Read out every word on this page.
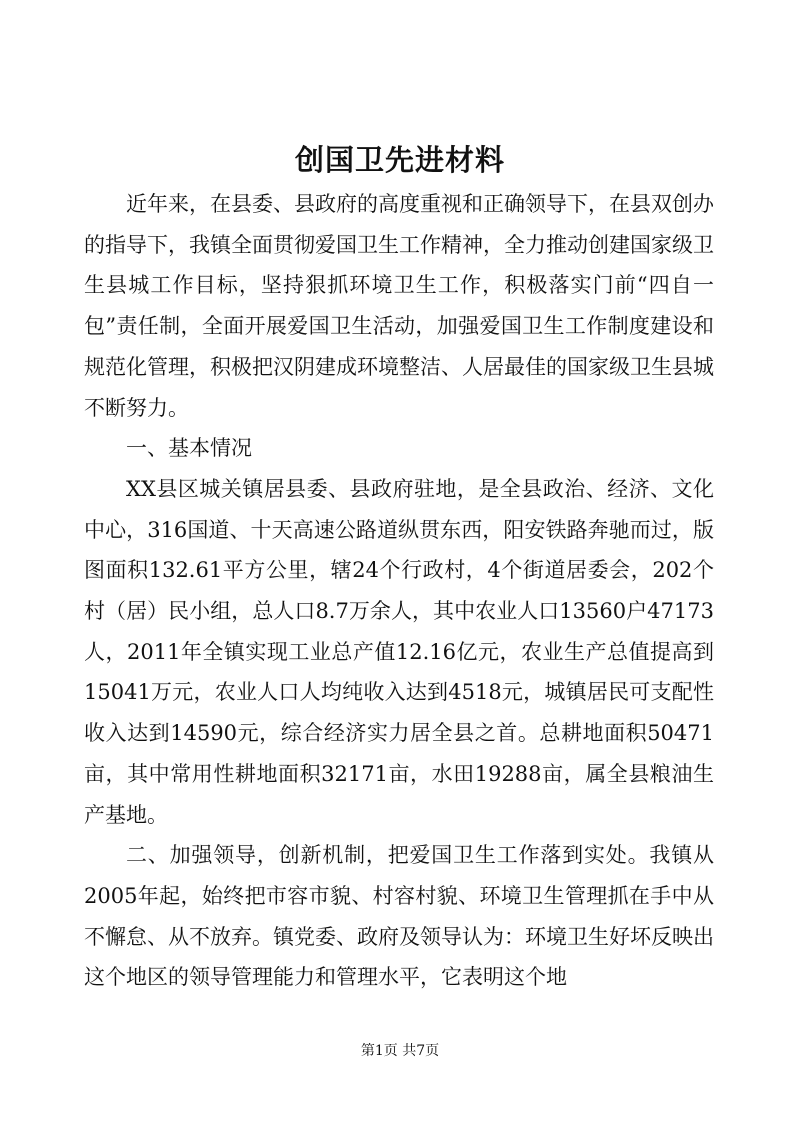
创国卫先进材料

近年来，在县委、县政府的高度重视和正确领导下，在县双创办的指导下，我镇全面贯彻爱国卫生工作精神，全力推动创建国家级卫生县城工作目标，坚持狠抓环境卫生工作，积极落实门前“四自一包”责任制，全面开展爱国卫生活动，加强爱国卫生工作制度建设和规范化管理，积极把汉阴建成环境整洁、人居最佳的国家级卫生县城不断努力。

一、基本情况

XX县区城关镇居县委、县政府驻地，是全县政治、经济、文化中心，316国道、十天高速公路道纵贯东西，阳安铁路奔驰而过，版图面积132.61平方公里，辖24个行政村，4个街道居委会，202个村（居）民小组，总人口8.7万余人，其中农业人口13560户47173人，2011年全镇实现工业总产值12.16亿元，农业生产总值提高到15041万元，农业人口人均纯收入达到4518元，城镇居民可支配性收入达到14590元，综合经济实力居全县之首。总耕地面积50471亩，其中常用性耕地面积32171亩，水田19288亩，属全县粮油生产基地。

二、加强领导，创新机制，把爱国卫生工作落到实处。我镇从2005年起，始终把市容市貌、村容村貌、环境卫生管理抓在手中从不懈怠、从不放弃。镇党委、政府及领导认为：环境卫生好坏反映出这个地区的领导管理能力和管理水平，它表明这个地

第1页 共7页
